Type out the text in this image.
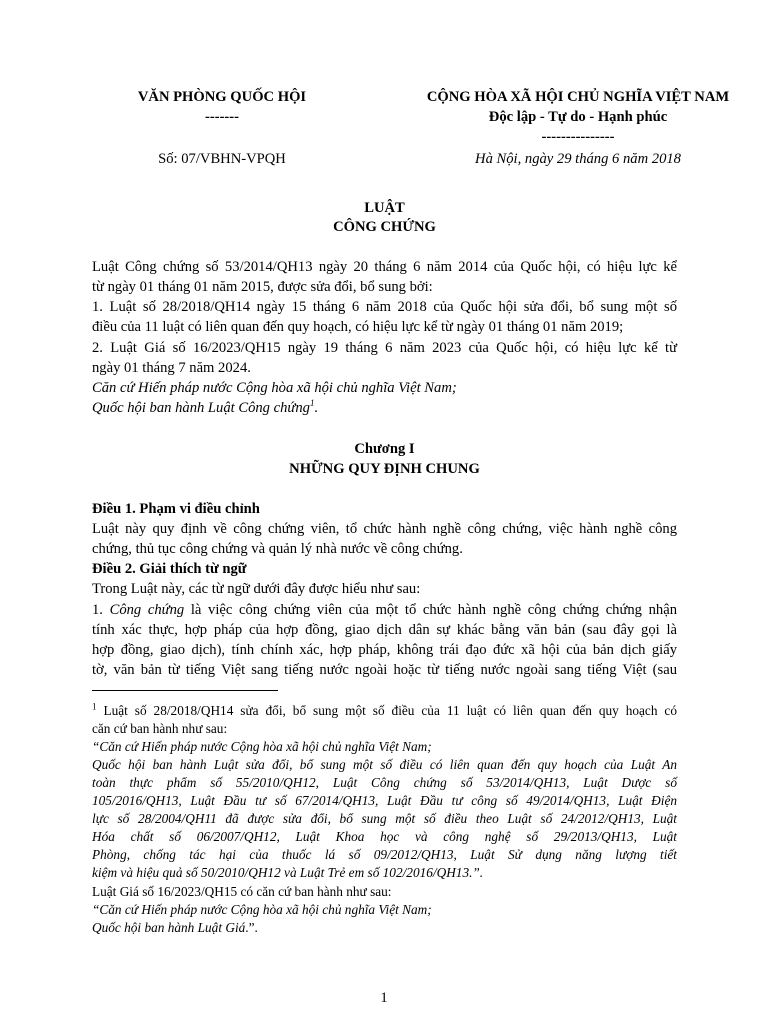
VĂN PHÒNG QUỐC HỘI
-------
Số: 07/VBHN-VPQH
CỘNG HÒA XÃ HỘI CHỦ NGHĨA VIỆT NAM
Độc lập - Tự do - Hạnh phúc
---------------
Hà Nội, ngày 29 tháng 6 năm 2018
LUẬT
CÔNG CHỨNG
Luật Công chứng số 53/2014/QH13 ngày 20 tháng 6 năm 2014 của Quốc hội, có hiệu lực kể
từ ngày 01 tháng 01 năm 2015, được sửa đổi, bổ sung bởi:
1. Luật số 28/2018/QH14 ngày 15 tháng 6 năm 2018 của Quốc hội sửa đổi, bổ sung một số
điều của 11 luật có liên quan đến quy hoạch, có hiệu lực kể từ ngày 01 tháng 01 năm 2019;
2. Luật Giá số 16/2023/QH15 ngày 19 tháng 6 năm 2023 của Quốc hội, có hiệu lực kể từ
ngày 01 tháng 7 năm 2024.
Căn cứ Hiến pháp nước Cộng hòa xã hội chủ nghĩa Việt Nam;
Quốc hội ban hành Luật Công chứng$^1$.
Chương I
NHỮNG QUY ĐỊNH CHUNG
Điều 1. Phạm vi điều chỉnh
Luật này quy định về công chứng viên, tổ chức hành nghề công chứng, việc hành nghề công
chứng, thủ tục công chứng và quản lý nhà nước về công chứng.
Điều 2. Giải thích từ ngữ
Trong Luật này, các từ ngữ dưới đây được hiểu như sau:
1. Công chứng là việc công chứng viên của một tổ chức hành nghề công chứng chứng nhận
tính xác thực, hợp pháp của hợp đồng, giao dịch dân sự khác bằng văn bản (sau đây gọi là
hợp đồng, giao dịch), tính chính xác, hợp pháp, không trái đạo đức xã hội của bản dịch giấy
tờ, văn bản từ tiếng Việt sang tiếng nước ngoài hoặc từ tiếng nước ngoài sang tiếng Việt (sau
$^1$ Luật số 28/2018/QH14 sửa đổi, bổ sung một số điều của 11 luật có liên quan đến quy hoạch có
căn cứ ban hành như sau:
“Căn cứ Hiến pháp nước Cộng hòa xã hội chủ nghĩa Việt Nam;
Quốc hội ban hành Luật sửa đổi, bổ sung một số điều có liên quan đến quy hoạch của Luật An
toàn thực phẩm số 55/2010/QH12, Luật Công chứng số 53/2014/QH13, Luật Dược số
105/2016/QH13, Luật Đầu tư số 67/2014/QH13, Luật Đầu tư công số 49/2014/QH13, Luật Điện
lực số 28/2004/QH11 đã được sửa đổi, bổ sung một số điều theo Luật số 24/2012/QH13, Luật
Hóa chất số 06/2007/QH12, Luật Khoa học và công nghệ số 29/2013/QH13, Luật
Phòng, chống tác hại của thuốc lá số 09/2012/QH13, Luật Sử dụng năng lượng tiết
kiệm và hiệu quả số 50/2010/QH12 và Luật Trẻ em số 102/2016/QH13.”.
Luật Giá số 16/2023/QH15 có căn cứ ban hành như sau:
“Căn cứ Hiến pháp nước Cộng hòa xã hội chủ nghĩa Việt Nam;
Quốc hội ban hành Luật Giá.”.
1
